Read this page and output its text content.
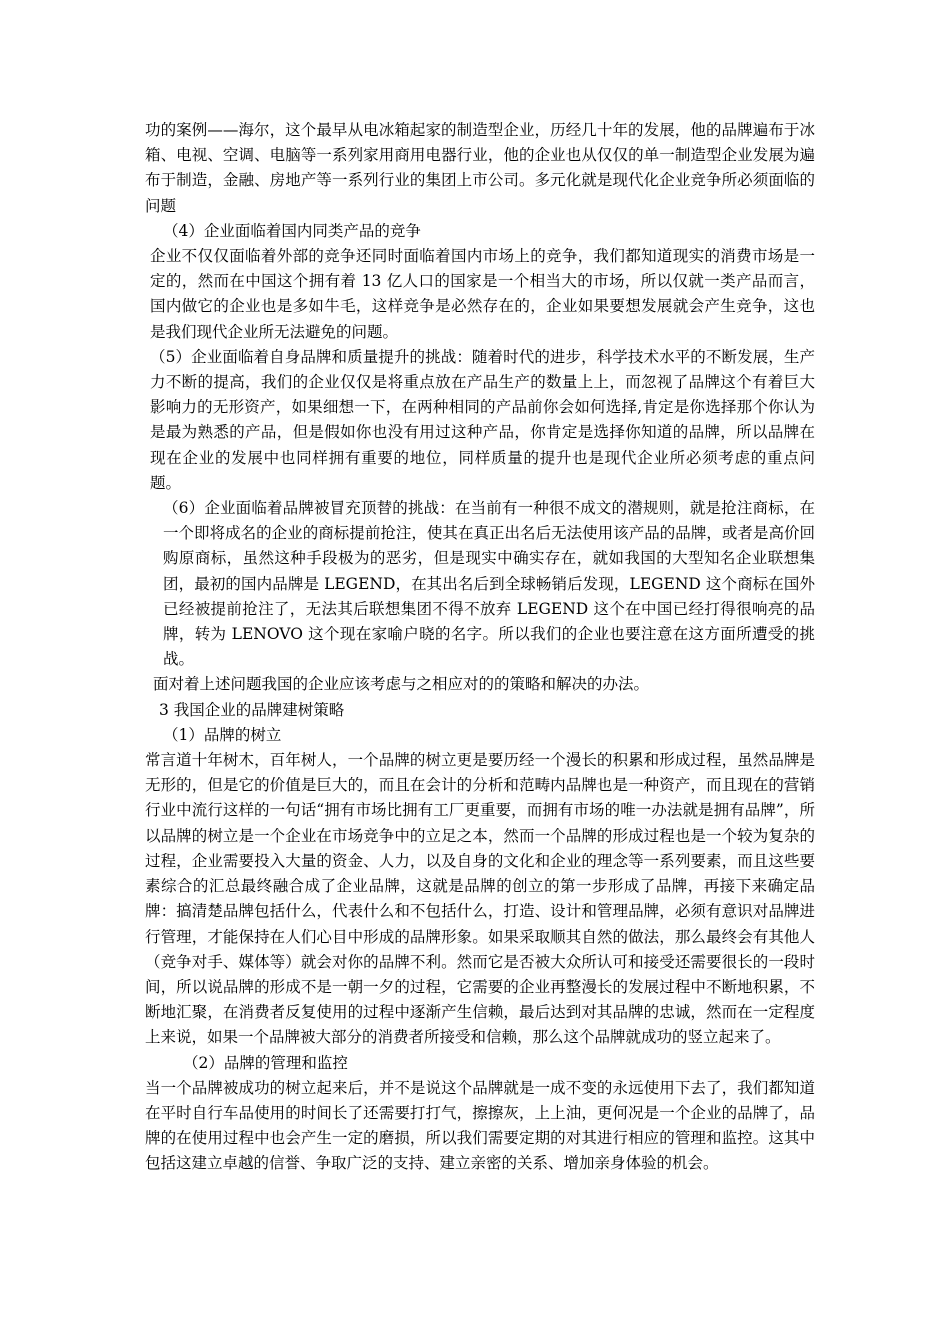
功的案例——海尔，这个最早从电冰箱起家的制造型企业，历经几十年的发展，他的品牌遍布于冰箱、电视、空调、电脑等一系列家用商用电器行业，他的企业也从仅仅的单一制造型企业发展为遍布于制造，金融、房地产等一系列行业的集团上市公司。多元化就是现代化企业竞争所必须面临的问题

（4）企业面临着国内同类产品的竞争

企业不仅仅面临着外部的竞争还同时面临着国内市场上的竞争，我们都知道现实的消费市场是一定的，然而在中国这个拥有着 13 亿人口的国家是一个相当大的市场，所以仅就一类产品而言，国内做它的企业也是多如牛毛，这样竞争是必然存在的，企业如果要想发展就会产生竞争，这也是我们现代企业所无法避免的问题。

（5）企业面临着自身品牌和质量提升的挑战：随着时代的进步，科学技术水平的不断发展，生产力不断的提高，我们的企业仅仅是将重点放在产品生产的数量上上，而忽视了品牌这个有着巨大影响力的无形资产，如果细想一下，在两种相同的产品前你会如何选择,肯定是你选择那个你认为是最为熟悉的产品，但是假如你也没有用过这种产品，你肯定是选择你知道的品牌，所以品牌在现在企业的发展中也同样拥有重要的地位，同样质量的提升也是现代企业所必须考虑的重点问题。

（6）企业面临着品牌被冒充顶替的挑战：在当前有一种很不成文的潜规则，就是抢注商标，在一个即将成名的企业的商标提前抢注，使其在真正出名后无法使用该产品的品牌，或者是高价回购原商标，虽然这种手段极为的恶劣，但是现实中确实存在，就如我国的大型知名企业联想集团，最初的国内品牌是 LEGEND，在其出名后到全球畅销后发现，LEGEND 这个商标在国外已经被提前抢注了，无法其后联想集团不得不放弃 LEGEND 这个在中国已经打得很响亮的品牌，转为 LENOVO 这个现在家喻户晓的名字。所以我们的企业也要注意在这方面所遭受的挑战。

面对着上述问题我国的企业应该考虑与之相应对的的策略和解决的办法。

3 我国企业的品牌建树策略

（1）品牌的树立

常言道十年树木，百年树人，一个品牌的树立更是要历经一个漫长的积累和形成过程，虽然品牌是无形的，但是它的价值是巨大的，而且在会计的分析和范畴内品牌也是一种资产，而且现在的营销行业中流行这样的一句话“拥有市场比拥有工厂更重要，而拥有市场的唯一办法就是拥有品牌”，所以品牌的树立是一个企业在市场竞争中的立足之本，然而一个品牌的形成过程也是一个较为复杂的过程，企业需要投入大量的资金、人力，以及自身的文化和企业的理念等一系列要素，而且这些要素综合的汇总最终融合成了企业品牌，这就是品牌的创立的第一步形成了品牌，再接下来确定品牌：搞清楚品牌包括什么，代表什么和不包括什么，打造、设计和管理品牌，必须有意识对品牌进行管理，才能保持在人们心目中形成的品牌形象。如果采取顺其自然的做法，那么最终会有其他人（竞争对手、媒体等）就会对你的品牌不利。然而它是否被大众所认可和接受还需要很长的一段时间，所以说品牌的形成不是一朝一夕的过程，它需要的企业再整漫长的发展过程中不断地积累，不断地汇聚，在消费者反复使用的过程中逐渐产生信赖，最后达到对其品牌的忠诚，然而在一定程度上来说，如果一个品牌被大部分的消费者所接受和信赖，那么这个品牌就成功的竖立起来了。

（2）品牌的管理和监控

当一个品牌被成功的树立起来后，并不是说这个品牌就是一成不变的永远使用下去了，我们都知道在平时自行车品使用的时间长了还需要打打气，擦擦灰，上上油，更何况是一个企业的品牌了，品牌的在使用过程中也会产生一定的磨损，所以我们需要定期的对其进行相应的管理和监控。这其中包括这建立卓越的信誉、争取广泛的支持、建立亲密的关系、增加亲身体验的机会。
